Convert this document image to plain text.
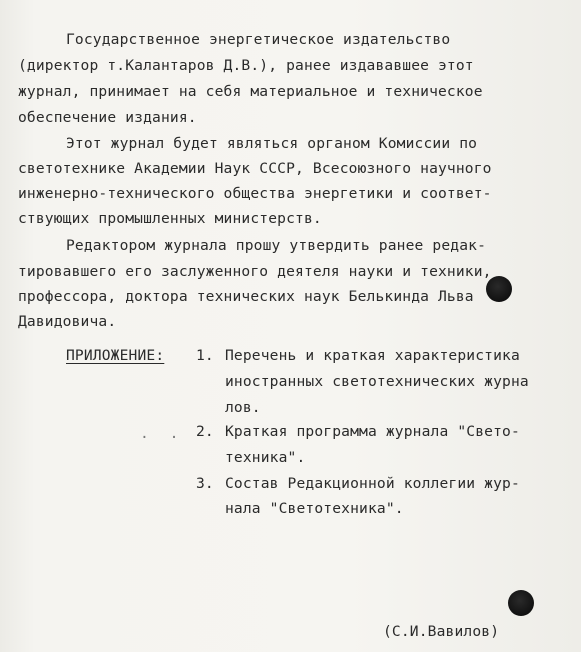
Государственное энергетическое издательство
(директор т.Калантаров Д.В.), ранее издававшее этот
журнал, принимает на себя материальное и техническое
обеспечение издания.
Этот журнал будет являться органом Комиссии по
светотехнике Академии Наук СССР, Всесоюзного научного
инженерно-технического общества энергетики и соответ-
ствующих промышленных министерств.
Редактором журнала прошу утвердить ранее редак-
тировавшего его заслуженного деятеля науки и техники,
профессора, доктора технических наук Белькинда Льва
Давидовича.
ПРИЛОЖЕНИЕ: 1. Перечень и краткая характеристика
иностранных светотехнических журна
лов.
. . 2. Краткая программа журнала "Свето-
техника".
3. Состав Редакционной коллегии жур-
нала "Светотехника".
(С.И.Вавилов)
